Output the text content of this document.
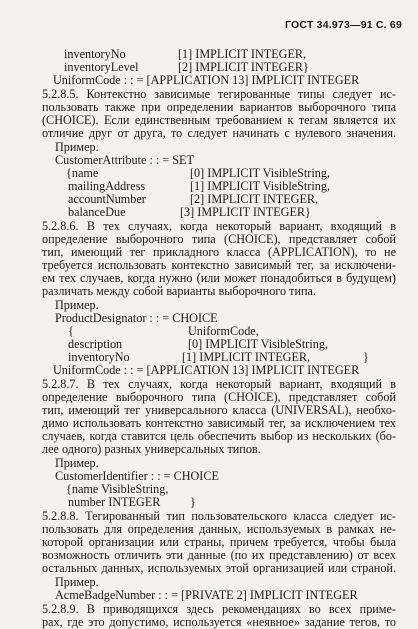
ГОСТ 34.973—91 С. 69
inventoryNo	[1] IMPLICIT INTEGER,
inventoryLevel	[2] IMPLICIT INTEGER}
UniformCode : : = [APPLICATION 13] IMPLICIT INTEGER
5.2.8.5. Контекстно зависимые тегированные типы следует ис-
пользовать также при определении вариантов выборочного типа
(CHOICE). Если единственным требованием к тегам является их
отличие друг от друга, то следует начинать с нулевого значения.
Пример.
CustomerAttribute : : = SET
{name	[0] IMPLICIT VisibleString,
mailingAddress	[1] IMPLICIT VisibleString,
accountNumber	[2] IMPLICIT INTEGER,
balanceDue	[3] IMPLICIT INTEGER}
5.2.8.6. В тех случаях, когда некоторый вариант, входящий в
определение выборочного типа (CHOICE), представляет собой
тип, имеющий тег прикладного класса (APPLICATION), то не
требуется использовать контекстно зависимый тег, за исключени-
ем тех случаев, когда нужно (или может понадобиться в будущем)
различать между собой варианты выборочного типа.
Пример.
ProductDesignator : : = CHOICE
{	UniformCode,
description	[0] IMPLICIT VisibleString,
inventoryNo	[1] IMPLICIT INTEGER,	}
UniformCode : : = [APPLICATION 13] IMPLICIT INTEGER
5.2.8.7. В тех случаях, когда некоторый вариант, входящий в
определение выборочного типа (CHOICE), представляет собой
тип, имеющий тег универсального класса (UNIVERSAL), необхо-
димо использовать контекстно зависимый тег, за исключением тех
случаев, когда ставится цель обеспечить выбор из нескольких (бо-
лее одного) разных универсальных типов.
Пример.
CustomerIdentifier : : = CHOICE
{name VisibleString,
number INTEGER }
5.2.8.8. Тегированный тип пользовательского класса следует ис-
пользовать для определения данных, используемых в рамках не-
которой организации или страны, причем требуется, чтобы была
возможность отличить эти данные (по их представлению) от всех
остальных данных, используемых этой организацией или страной.
Пример.
AcmeBadgeNumber : : = [PRIVATE 2] IMPLICIT INTEGER
5.2.8.9. В приводящихся здесь рекомендациях во всех приме-
рах, где это допустимо, используется «неявное» задание тегов, то
